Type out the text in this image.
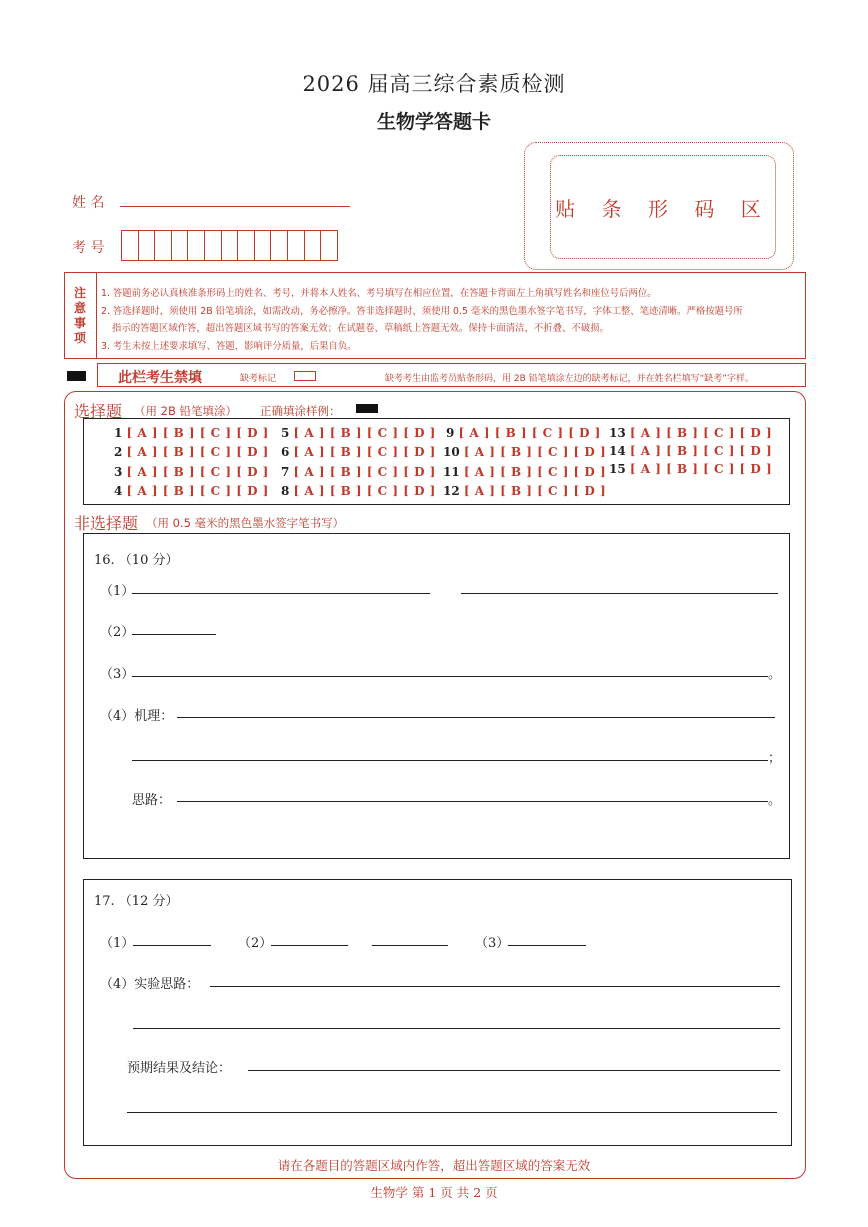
2026 届高三综合素质检测
生物学答题卡
贴 条 形 码 区
姓 名
考 号
注
意
事
项
1. 答题前务必认真核准条形码上的姓名、考号，并将本人姓名、考号填写在相应位置，在答题卡背面左上角填写姓名和座位号后两位。
2. 答选择题时，须使用 2B 铅笔填涂，如需改动，务必擦净。答非选择题时，须使用 0.5 毫米的黑色墨水签字笔书写，字体工整、笔迹清晰。严格按题号所
指示的答题区域作答，超出答题区域书写的答案无效；在试题卷、草稿纸上答题无效。保持卡面清洁，不折叠、不破损。
3. 考生未按上述要求填写、答题，影响评分质量，后果自负。
此栏考生禁填	缺考标记	缺考考生由监考员贴条形码，用 2B 铅笔填涂左边的缺考标记，并在姓名栏填写“缺考”字样。
选择题 （用 2B 铅笔填涂） 正确填涂样例：
1 [ A ] [ B ] [ C ] [ D ]
2 [ A ] [ B ] [ C ] [ D ]
3 [ A ] [ B ] [ C ] [ D ]
4 [ A ] [ B ] [ C ] [ D ]
5 [ A ] [ B ] [ C ] [ D ]
6 [ A ] [ B ] [ C ] [ D ]
7 [ A ] [ B ] [ C ] [ D ]
8 [ A ] [ B ] [ C ] [ D ]
9 [ A ] [ B ] [ C ] [ D ]
10 [ A ] [ B ] [ C ] [ D ]
11 [ A ] [ B ] [ C ] [ D ]
12 [ A ] [ B ] [ C ] [ D ]
13 [ A ] [ B ] [ C ] [ D ]
14 [ A ] [ B ] [ C ] [ D ]
15 [ A ] [ B ] [ C ] [ D ]
非选择题 （用 0.5 毫米的黑色墨水签字笔书写）
16. （10 分）
（1）
（2）
（3）	。
（4）机理：
；
思路：	。
17. （12 分）
（1）	（2）	（3）
（4）实验思路：
预期结果及结论：
请在各题目的答题区域内作答，超出答题区域的答案无效
生物学 第 1 页 共 2 页
